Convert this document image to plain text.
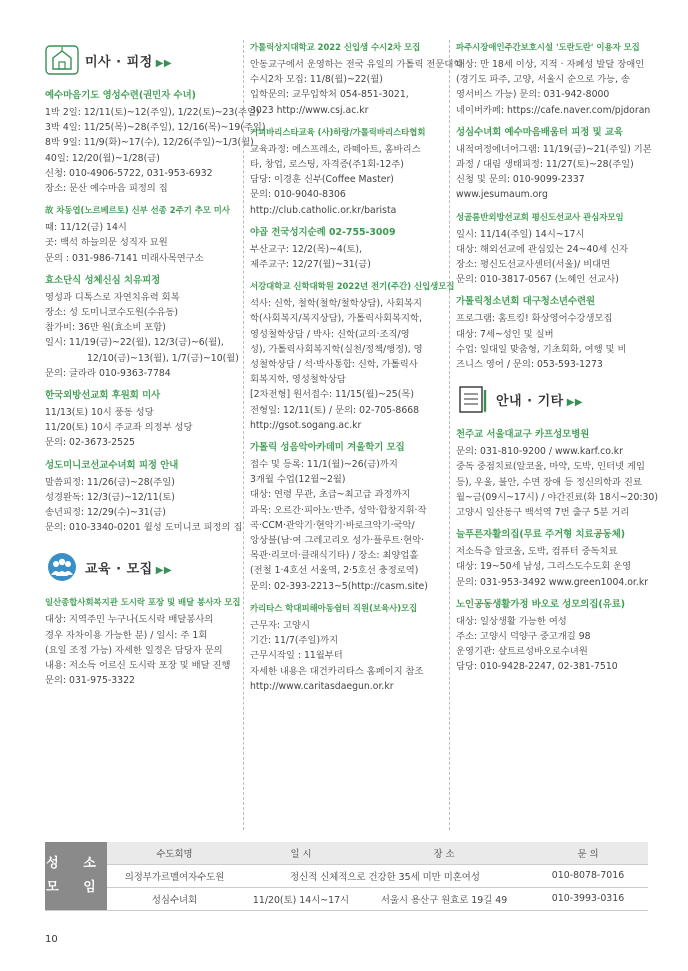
미사 · 피정 ▶▶
예수마음기도 영성수련(권민자 수녀)
1박 2일: 12/11(토)~12(주일), 1/22(토)~23(주일)
3박 4일: 11/25(목)~28(주일), 12/16(목)~19(주일)
8박 9일: 11/9(화)~17(수), 12/26(주일)~1/3(월)
40일: 12/20(월)~1/28(금)
신청: 010-4906-5722, 031-953-6932
장소: 문산 예수마음 피정의 집
故 차동엽(노르베르토) 신부 선종 2주기 추모 미사
때: 11/12(금) 14시
곳: 백석 하늘의문 성직자 묘원
문의 : 031-986-7141 미래사목연구소
효소단식 성체신심 치유피정
영성과 디톡스로 자연치유력 회복
장소: 성 도미니코수도원(수유동)
참가비: 36만 원(효소비 포함)
일시: 11/19(금)~22(월), 12/3(금)~6(월),
12/10(금)~13(월), 1/7(금)~10(월)
문의: 글라라 010-9363-7784
한국외방선교회 후원회 미사
11/13(토) 10시 풍동 성당
11/20(토) 10시 주교좌 의정부 성당
문의: 02-3673-2525
성도미니코선교수녀회 피정 안내
말씀피정: 11/26(금)~28(주일)
성경완독: 12/3(금)~12/11(토)
송년피정: 12/29(수)~31(금)
문의: 010-3340-0201 윌성 도미니코 피정의 집
교육 · 모집 ▶▶
일산종합사회복지관 도시락 포장 및 배달 봉사자 모집
대상: 지역주민 누구나(도시락 배달봉사의
경우 자차이용 가능한 분) / 일시: 주 1회
(요일 조정 가능) 자세한 일정은 담당자 문의
내용: 저소득 어르신 도시락 포장 및 배달 진행
문의: 031-975-3322
가톨릭상지대학교 2022 신입생 수시2차 모집
안동교구에서 운영하는 전국 유일의 가톨릭 전문대학
수시2차 모집: 11/8(월)~22(월)
입학문의: 교무입학처 054-851-3021,
3023 http://www.csj.ac.kr
커피바리스타교육 (사)하랑/가톨릭바리스타협회
교육과정: 에스프레소, 라떼아트, 홈바리스
타, 창업, 로스팅, 자격증(주1회-12주)
담당: 이경훈 신부(Coffee Master)
문의: 010-9040-8306
http://club.catholic.or.kr/barista
야곱 전국성지순례 02-755-3009
부산교구: 12/2(목)~4(토),
제주교구: 12/27(월)~31(금)
서강대학교 신학대학원 2022년 전기(주간) 신입생모집
석사: 신학, 철학(철학/철학상담), 사회복지
학(사회복지/복지상담), 가톨릭사회복지학,
영성철학상담 / 박사: 신학(교의·조직/영
성), 가톨릭사회복지학(실천/정책/행정), 영
성철학상담 / 석·박사통합: 신학, 가톨릭사
회복지학, 영성철학상담
[2차전형] 원서접수: 11/15(월)~25(목)
전형일: 12/11(토) / 문의: 02-705-8668
http://gsot.sogang.ac.kr
가톨릭 성음악아카데미 겨울학기 모집
접수 및 등록: 11/1(월)~26(금)까지
3개월 수업(12월~2월)
대상: 연령 무관, 초급~최고급 과정까지
과목: 오르간·피아노·반주, 성악·합창지휘·작
곡·CCM·관악기·현악기·바로크악기·국악/
앙상블(남·여 그레고리오 성가·플루트·현악·
목관·리코더·클래식기타) / 장소: 최양업홀
(전철 1·4호선 서울역, 2·5호선 충정로역)
문의: 02-393-2213~5(http://casm.site)
카리타스 학대피해아동쉼터 직원(보육사)모집
근무자: 고양시
기간: 11/7(주일)까지
근무시작일 : 11월부터
자세한 내용은 대건카리타스 홈페이지 참조
http://www.caritasdaegun.or.kr
파주시장애인주간보호시설 '도란도란' 이용자 모집
대상: 만 18세 이상, 지적 · 자폐성 발달 장애인
(경기도 파주, 고양, 서울시 순으로 가능, 송
영서비스 가능) 문의: 031-942-8000
네이버카페: https://cafe.naver.com/pjdoran
성심수녀회 예수마음배움터 피정 및 교육
내적여정에너어그램: 11/19(금)~21(주일) 기본
과정 / 대림 생태피정: 11/27(토)~28(주일)
신청 및 문의: 010-9099-2337
www.jesumaum.org
성골롬반외방선교회 평신도선교사 관심자모임
일시: 11/14(주일) 14시~17시
대상: 해외선교에 관심있는 24~40세 신자
장소: 평신도선교사센터(서울)/ 비대면
문의: 010-3817-0567 (노혜인 선교사)
가톨릭청소년회 대구청소년수련원
프로그램: 홈트킹! 화상영어수강생모집
대상: 7세~성인 및 실버
수업: 일대일 맞춤형, 기초회화, 여행 및 비
즈니스 영어 / 문의: 053-593-1273
안내 · 기타 ▶▶
천주교 서울대교구 카프성모병원
문의: 031-810-9200 / www.karf.co.kr
중독 중점치료(알코올, 마약, 도박, 인터넷 게임
등), 우울, 불안, 수면 장애 등 정신의학과 진료
월~금(09시~17시) / 야간진료(화 18시~20:30)
고양시 일산동구 백석역 7번 출구 5분 거리
늘푸른자활의집(무료 주거형 치료공동체)
저소득층 알코올, 도박, 컴퓨터 중독치료
대상: 19~50세 남성, 그리스도수도회 운영
문의: 031-953-3492 www.green1004.or.kr
노인공동생활가정 바오로 성모의집(유료)
대상: 일상생활 가능한 여성
주소: 고양시 덕양구 중고개길 98
운영기관: 샬트르성바오로수녀원
담당: 010-9428-2247, 02-381-7510
성 소
모 임	수도회명	일 시	장 소	문 의
	의정부가르멜여자수도원	정신적 신체적으로 건강한 35세 미만 미혼여성		010-8078-7016
	성심수녀회	11/20(토) 14시~17시	서울시 용산구 원효로 19길 49	010-3993-0316
10
